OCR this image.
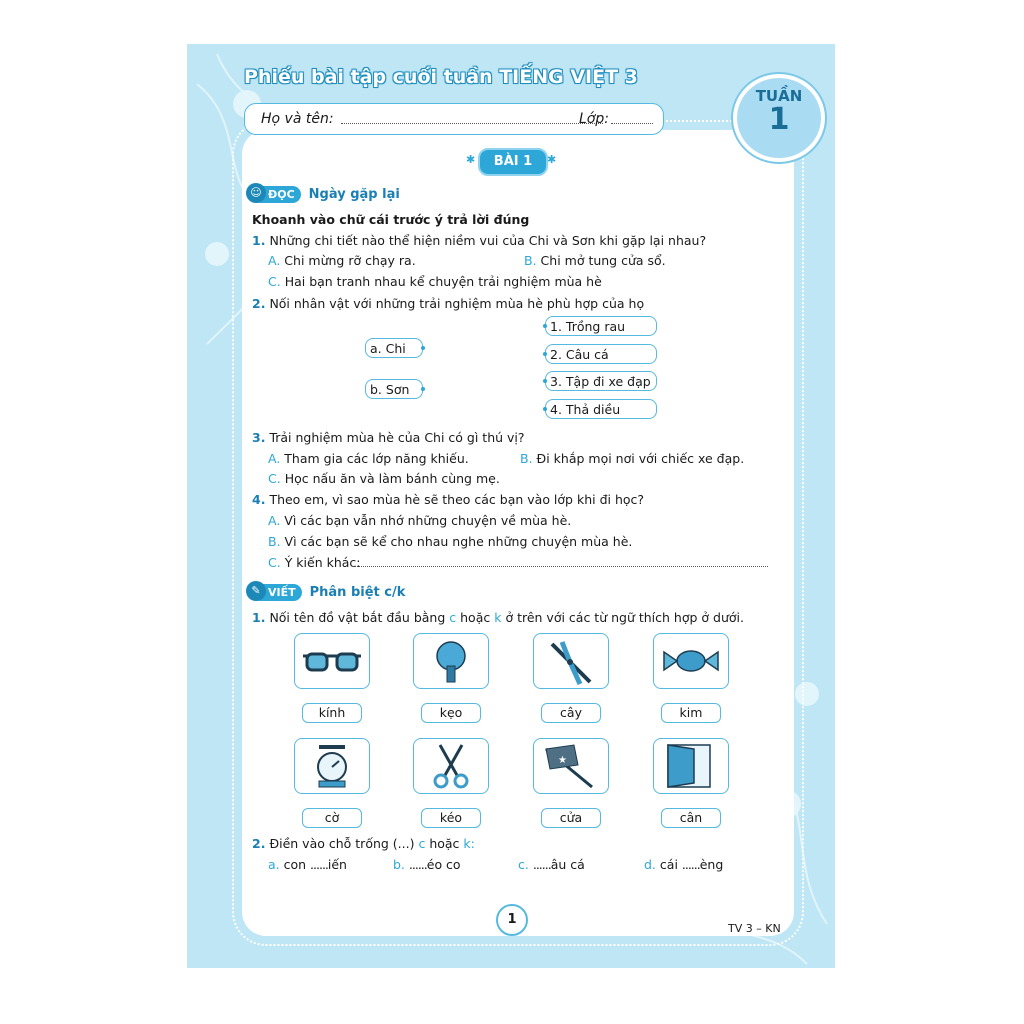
Phiếu bài tập cuối tuần TIẾNG VIỆT 3
Họ và tên:	Lớp:
TUẦN
1
✱	BÀI 1	✱
☺ ĐỌC	Ngày gặp lại
Khoanh vào chữ cái trước ý trả lời đúng
1. Những chi tiết nào thể hiện niềm vui của Chi và Sơn khi gặp lại nhau?
A. Chi mừng rỡ chạy ra.	B. Chi mở tung cửa sổ.
C. Hai bạn tranh nhau kể chuyện trải nghiệm mùa hè
2. Nối nhân vật với những trải nghiệm mùa hè phù hợp của họ
a. Chi
b. Sơn
1. Trồng rau
2. Câu cá
3. Tập đi xe đạp
4. Thả diều
3. Trải nghiệm mùa hè của Chi có gì thú vị?
A. Tham gia các lớp năng khiếu.	B. Đi khắp mọi nơi với chiếc xe đạp.
C. Học nấu ăn và làm bánh cùng mẹ.
4. Theo em, vì sao mùa hè sẽ theo các bạn vào lớp khi đi học?
A. Vì các bạn vẫn nhớ những chuyện về mùa hè.
B. Vì các bạn sẽ kể cho nhau nghe những chuyện mùa hè.
C. Ý kiến khác:
✎ VIẾT	Phân biệt c/k
1. Nối tên đồ vật bắt đầu bằng c hoặc k ở trên với các từ ngữ thích hợp ở dưới.
kính	kẹo	cây	kim
★
cờ	kéo	cửa	cân
2. Điền vào chỗ trống (...) c hoặc k:
a. con ......iến	b. ......éo co	c. ......âu cá	d. cái ......èng
1
TV 3 – KN
